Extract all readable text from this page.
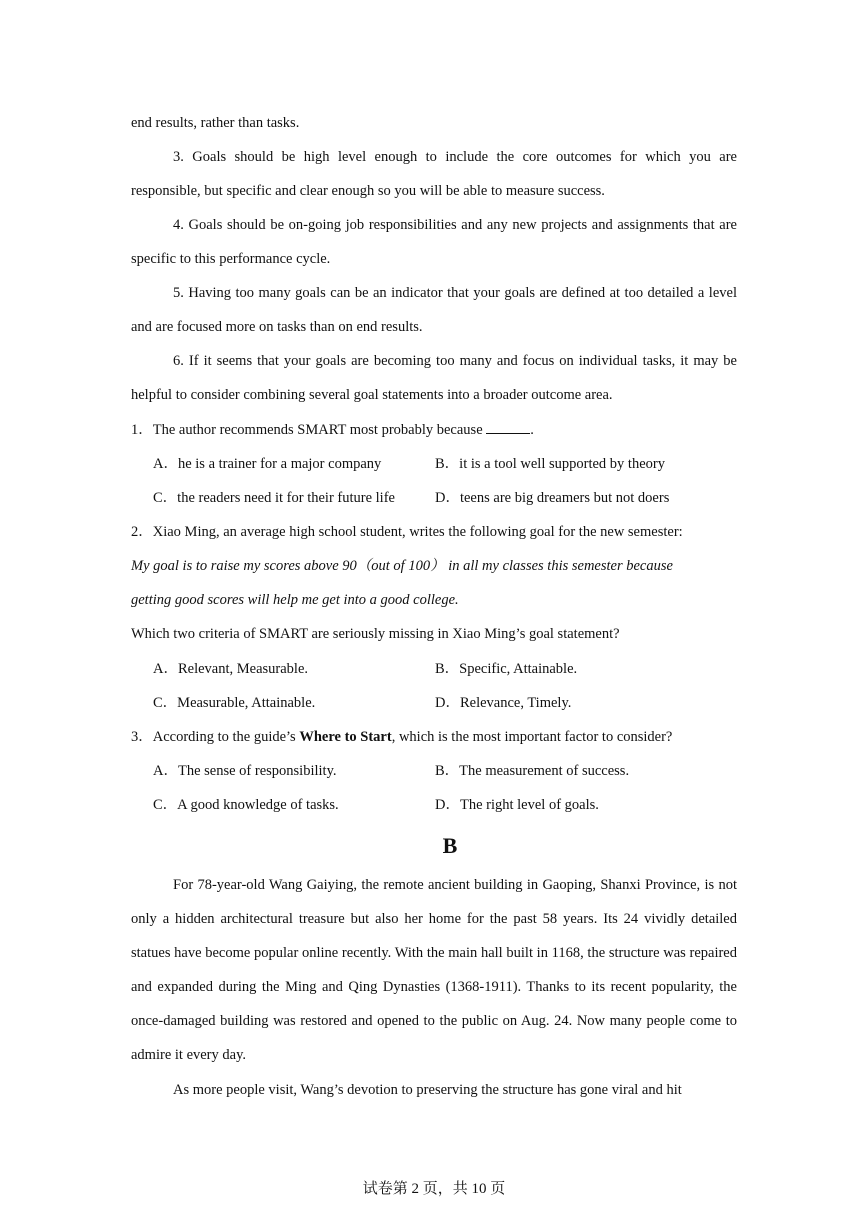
end results, rather than tasks.

3. Goals should be high level enough to include the core outcomes for which you are responsible, but specific and clear enough so you will be able to measure success.

4. Goals should be on-going job responsibilities and any new projects and assignments that are specific to this performance cycle.

5. Having too many goals can be an indicator that your goals are defined at too detailed a level and are focused more on tasks than on end results.

6. If it seems that your goals are becoming too many and focus on individual tasks, it may be helpful to consider combining several goal statements into a broader outcome area.

1．The author recommends SMART most probably because	.
A．he is a trainer for a major company	B．it is a tool well supported by theory
C．the readers need it for their future life	D．teens are big dreamers but not doers
2．Xiao Ming, an average high school student, writes the following goal for the new semester:
My goal is to raise my scores above 90（out of 100） in all my classes this semester because
getting good scores will help me get into a good college.
Which two criteria of SMART are seriously missing in Xiao Ming’s goal statement?
A．Relevant, Measurable.	B．Specific, Attainable.
C．Measurable, Attainable.	D．Relevance, Timely.
3．According to the guide’s Where to Start, which is the most important factor to consider?
A．The sense of responsibility.	B．The measurement of success.
C．A good knowledge of tasks.	D．The right level of goals.
B

For 78-year-old Wang Gaiying, the remote ancient building in Gaoping, Shanxi Province, is not only a hidden architectural treasure but also her home for the past 58 years. Its 24 vividly detailed statues have become popular online recently. With the main hall built in 1168, the structure was repaired and expanded during the Ming and Qing Dynasties (1368-1911). Thanks to its recent popularity, the once-damaged building was restored and opened to the public on Aug. 24. Now many people come to admire it every day.

As more people visit, Wang’s devotion to preserving the structure has gone viral and hit

试卷第 2 页，共 10 页
